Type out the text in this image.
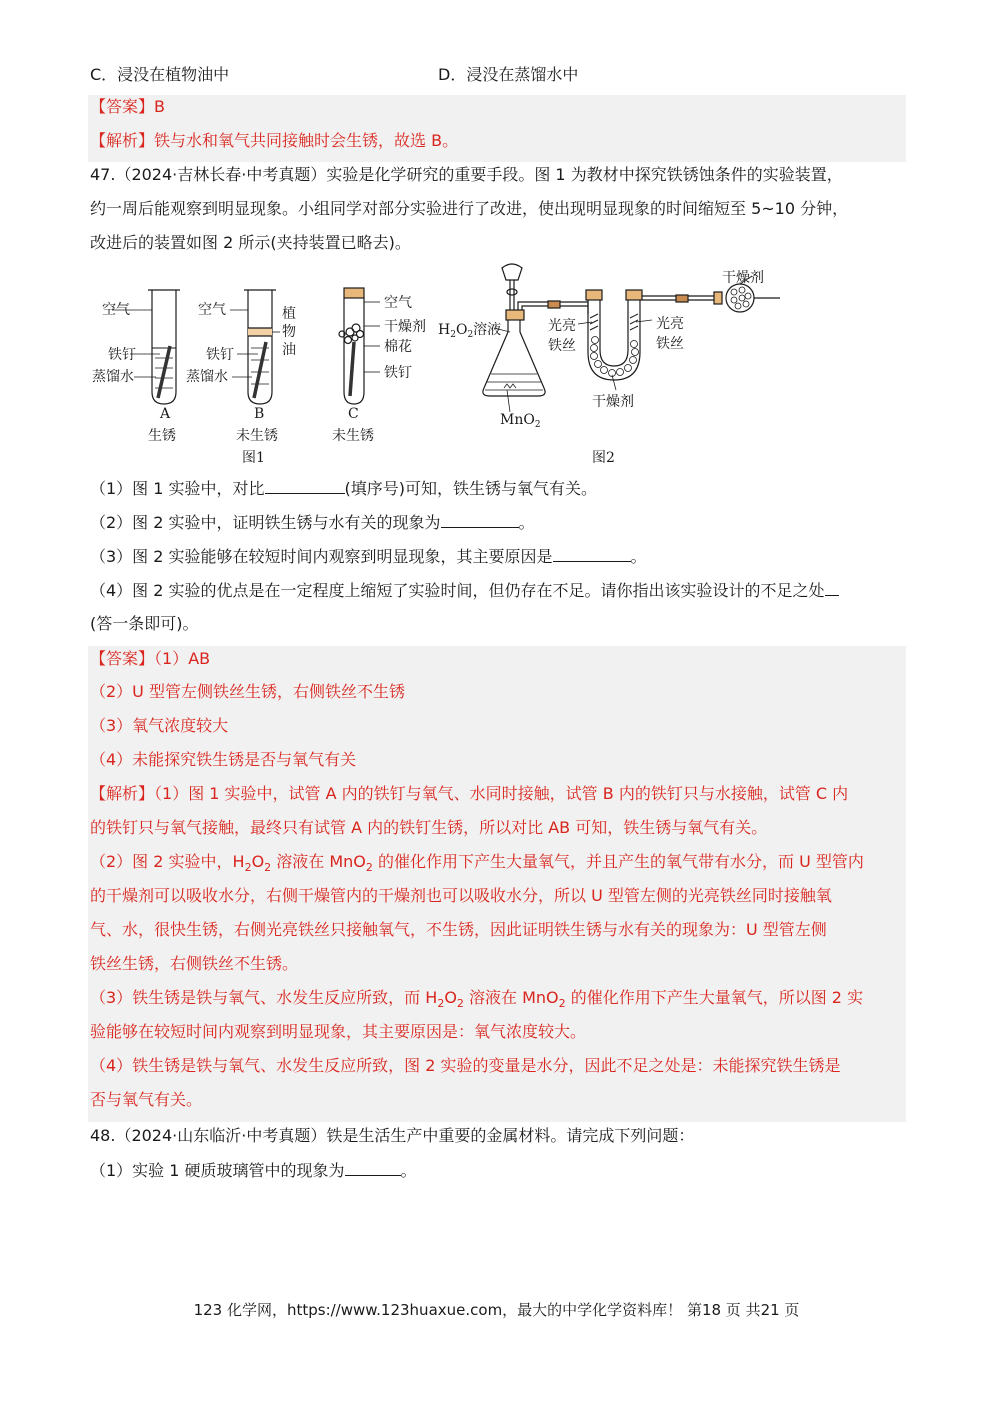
C．浸没在植物油中	D．浸没在蒸馏水中
【答案】B
【解析】铁与水和氧气共同接触时会生锈，故选 B。
47.（2024·吉林长春·中考真题）实验是化学研究的重要手段。图 1 为教材中探究铁锈蚀条件的实验装置，
约一周后能观察到明显现象。小组同学对部分实验进行了改进，使出现明显现象的时间缩短至 5~10 分钟，
改进后的装置如图 2 所示(夹持装置已略去)。
空气
铁钉
蒸馏水
A
生锈
空气	植
物
油
铁钉
蒸馏水
B
未生锈
空气
干燥剂
棉花
铁钉
C
未生锈
图1	图2
$H_2O_2$溶液
MnO$_2$
光亮
铁丝
光亮
铁丝
干燥剂
干燥剂
（1）图 1 实验中，对比	(填序号)可知，铁生锈与氧气有关。
（2）图 2 实验中，证明铁生锈与水有关的现象为	。
（3）图 2 实验能够在较短时间内观察到明显现象，其主要原因是	。
（4）图 2 实验的优点是在一定程度上缩短了实验时间，但仍存在不足。请你指出该实验设计的不足之处
(答一条即可)。
【答案】（1）AB
（2）U 型管左侧铁丝生锈，右侧铁丝不生锈
（3）氧气浓度较大
（4）未能探究铁生锈是否与氧气有关
【解析】（1）图 1 实验中，试管 A 内的铁钉与氧气、水同时接触，试管 B 内的铁钉只与水接触，试管 C 内
的铁钉只与氧气接触，最终只有试管 A 内的铁钉生锈，所以对比 AB 可知，铁生锈与氧气有关。
（2）图 2 实验中，$H_2O_2$ 溶液在 MnO$_2$ 的催化作用下产生大量氧气，并且产生的氧气带有水分，而 U 型管内
的干燥剂可以吸收水分，右侧干燥管内的干燥剂也可以吸收水分，所以 U 型管左侧的光亮铁丝同时接触氧
气、水，很快生锈，右侧光亮铁丝只接触氧气，不生锈，因此证明铁生锈与水有关的现象为：U 型管左侧
铁丝生锈，右侧铁丝不生锈。
（3）铁生锈是铁与氧气、水发生反应所致，而 $H_2O_2$ 溶液在 MnO$_2$ 的催化作用下产生大量氧气，所以图 2 实
验能够在较短时间内观察到明显现象，其主要原因是：氧气浓度较大。
（4）铁生锈是铁与氧气、水发生反应所致，图 2 实验的变量是水分，因此不足之处是：未能探究铁生锈是
否与氧气有关。
48.（2024·山东临沂·中考真题）铁是生活生产中重要的金属材料。请完成下列问题：
（1）实验 1 硬质玻璃管中的现象为	。
123 化学网，https://www.123huaxue.com，最大的中学化学资料库！ 第18 页 共21 页
